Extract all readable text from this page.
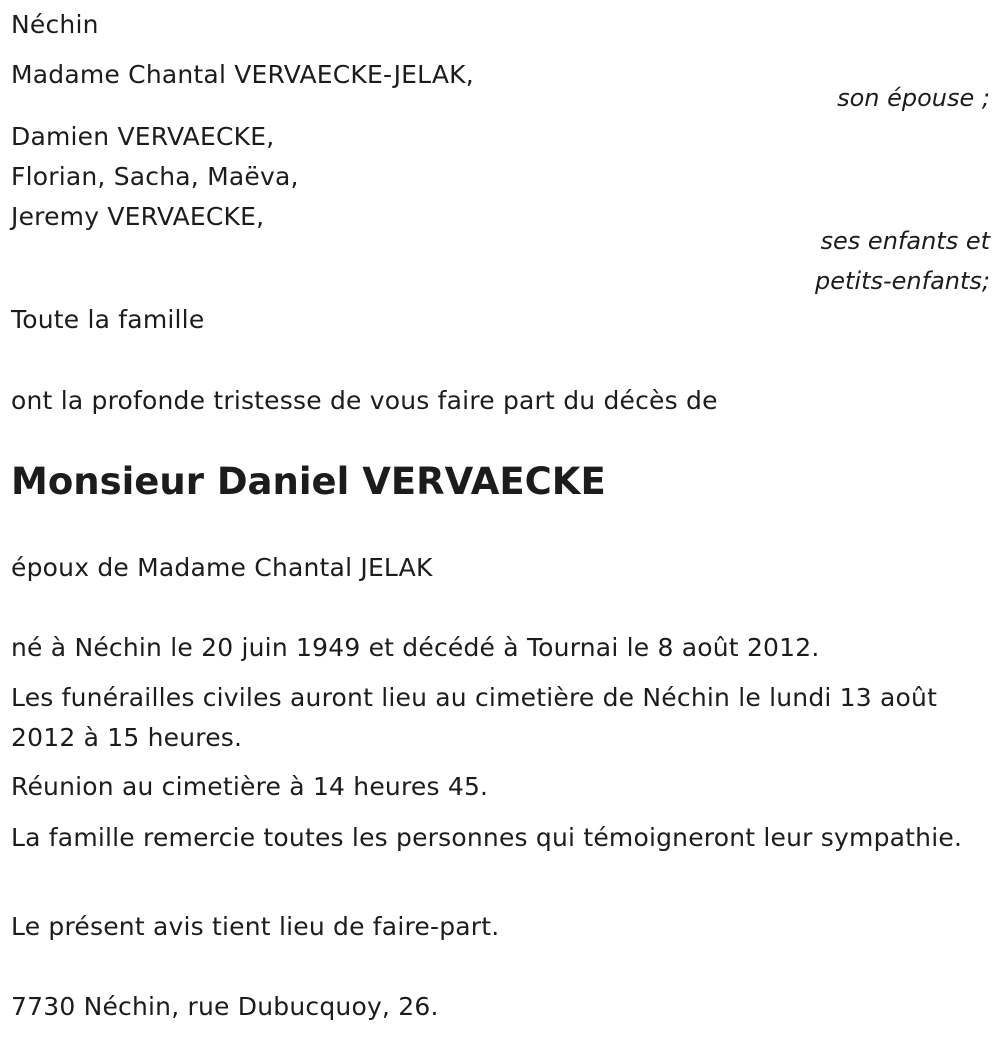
Néchin
Madame Chantal VERVAECKE-JELAK,
son épouse ;
Damien VERVAECKE,
Florian, Sacha, Maëva,
Jeremy VERVAECKE,
ses enfants et
petits-enfants;
Toute la famille
ont la profonde tristesse de vous faire part du décès de
Monsieur Daniel VERVAECKE
époux de Madame Chantal JELAK
né à Néchin le 20 juin 1949 et décédé à Tournai le 8 août 2012.
Les funérailles civiles auront lieu au cimetière de Néchin le lundi 13 août 2012 à 15 heures.
Réunion au cimetière à 14 heures 45.
La famille remercie toutes les personnes qui témoigneront leur sympathie.
Le présent avis tient lieu de faire-part.
7730 Néchin, rue Dubucquoy, 26.
